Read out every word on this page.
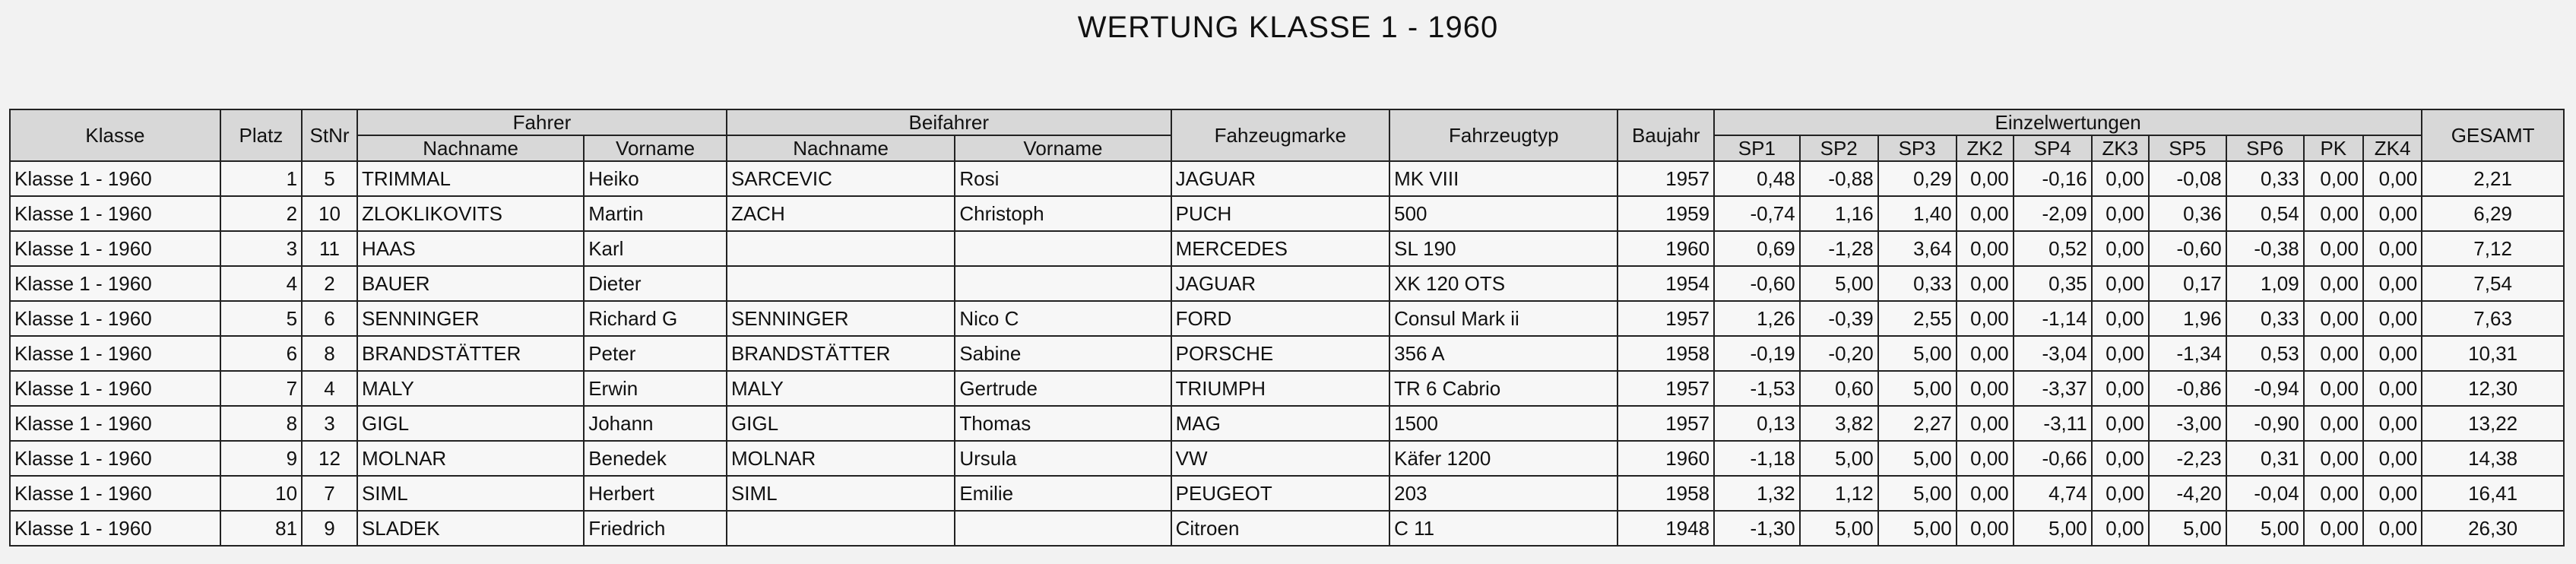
WERTUNG KLASSE 1 - 1960
Klasse	Platz	StNr	Fahrer		Beifahrer		Fahzeugmarke	Fahrzeugtyp	Baujahr	Einzelwertungen										GESAMT
			Nachname	Vorname	Nachname	Vorname				SP1	SP2	SP3	ZK2	SP4	ZK3	SP5	SP6	PK	ZK4	
Klasse 1 - 1960	1	5	TRIMMAL	Heiko	SARCEVIC	Rosi	JAGUAR	MK VIII	1957	0,48	-0,88	0,29	0,00	-0,16	0,00	-0,08	0,33	0,00	0,00	2,21
Klasse 1 - 1960	2	10	ZLOKLIKOVITS	Martin	ZACH	Christoph	PUCH	500	1959	-0,74	1,16	1,40	0,00	-2,09	0,00	0,36	0,54	0,00	0,00	6,29
Klasse 1 - 1960	3	11	HAAS	Karl			MERCEDES	SL 190	1960	0,69	-1,28	3,64	0,00	0,52	0,00	-0,60	-0,38	0,00	0,00	7,12
Klasse 1 - 1960	4	2	BAUER	Dieter			JAGUAR	XK 120 OTS	1954	-0,60	5,00	0,33	0,00	0,35	0,00	0,17	1,09	0,00	0,00	7,54
Klasse 1 - 1960	5	6	SENNINGER	Richard G	SENNINGER	Nico C	FORD	Consul Mark ii	1957	1,26	-0,39	2,55	0,00	-1,14	0,00	1,96	0,33	0,00	0,00	7,63
Klasse 1 - 1960	6	8	BRANDSTÄTTER	Peter	BRANDSTÄTTER	Sabine	PORSCHE	356 A	1958	-0,19	-0,20	5,00	0,00	-3,04	0,00	-1,34	0,53	0,00	0,00	10,31
Klasse 1 - 1960	7	4	MALY	Erwin	MALY	Gertrude	TRIUMPH	TR 6 Cabrio	1957	-1,53	0,60	5,00	0,00	-3,37	0,00	-0,86	-0,94	0,00	0,00	12,30
Klasse 1 - 1960	8	3	GIGL	Johann	GIGL	Thomas	MAG	1500	1957	0,13	3,82	2,27	0,00	-3,11	0,00	-3,00	-0,90	0,00	0,00	13,22
Klasse 1 - 1960	9	12	MOLNAR	Benedek	MOLNAR	Ursula	VW	Käfer 1200	1960	-1,18	5,00	5,00	0,00	-0,66	0,00	-2,23	0,31	0,00	0,00	14,38
Klasse 1 - 1960	10	7	SIML	Herbert	SIML	Emilie	PEUGEOT	203	1958	1,32	1,12	5,00	0,00	4,74	0,00	-4,20	-0,04	0,00	0,00	16,41
Klasse 1 - 1960	81	9	SLADEK	Friedrich			Citroen	C 11	1948	-1,30	5,00	5,00	0,00	5,00	0,00	5,00	5,00	0,00	0,00	26,30
